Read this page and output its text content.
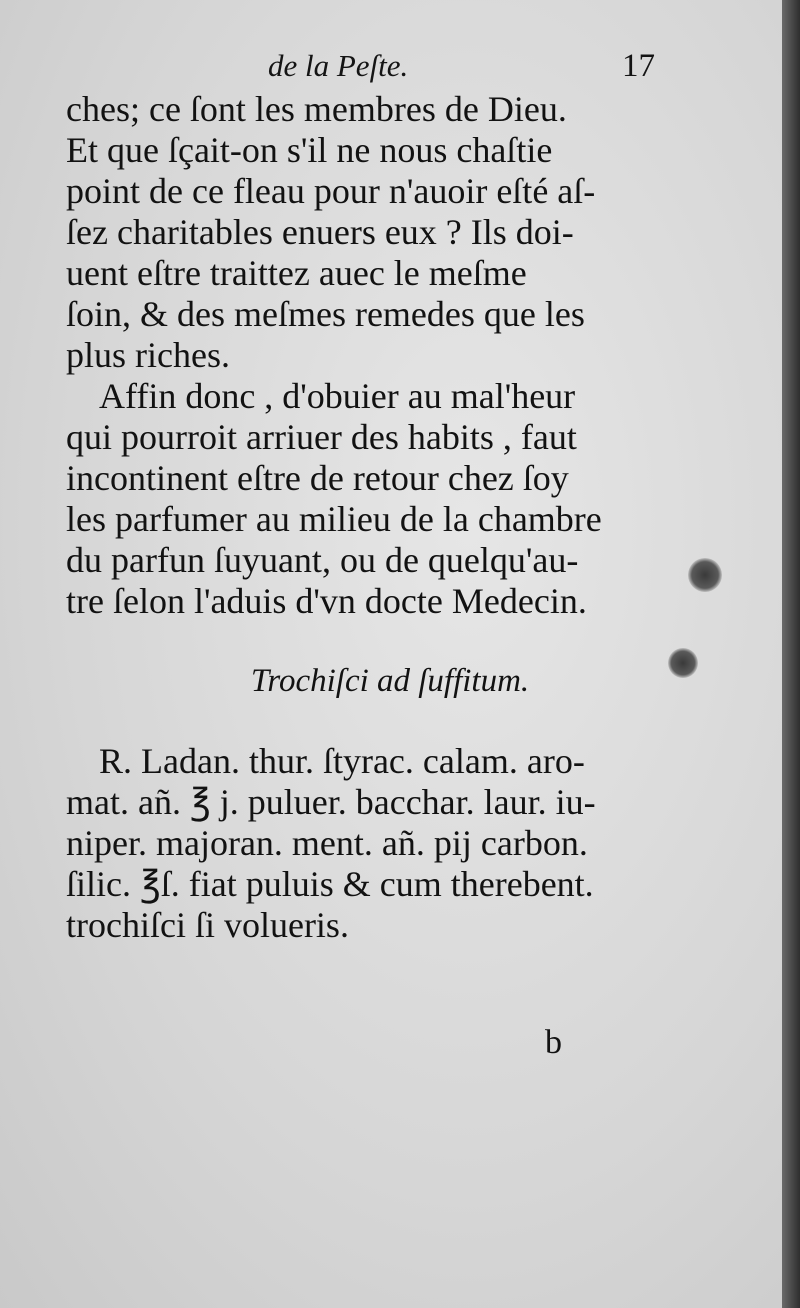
de la Peſte.	17
ches; ce ſont les membres de Dieu.
Et que ſçait-on s'il ne nous chaſtie
point de ce fleau pour n'auoir eſté aſ-
ſez charitables enuers eux ? Ils doi-
uent eſtre traittez auec le meſme
ſoin, & des meſmes remedes que les
plus riches.
Affin donc , d'obuier au mal'heur
qui pourroit arriuer des habits , faut
incontinent eſtre de retour chez ſoy
les parfumer au milieu de la chambre
du parfun ſuyuant, ou de quelqu'au-
tre ſelon l'aduis d'vn docte Medecin.
Trochiſci ad ſuffitum.
R. Ladan. thur. ſtyrac. calam. aro-
mat. añ. ℥ j. puluer. bacchar. laur. iu-
niper. majoran. ment. añ. pij carbon.
ſilic. ℥ſ. fiat puluis & cum therebent.
trochiſci ſi volueris.
b
